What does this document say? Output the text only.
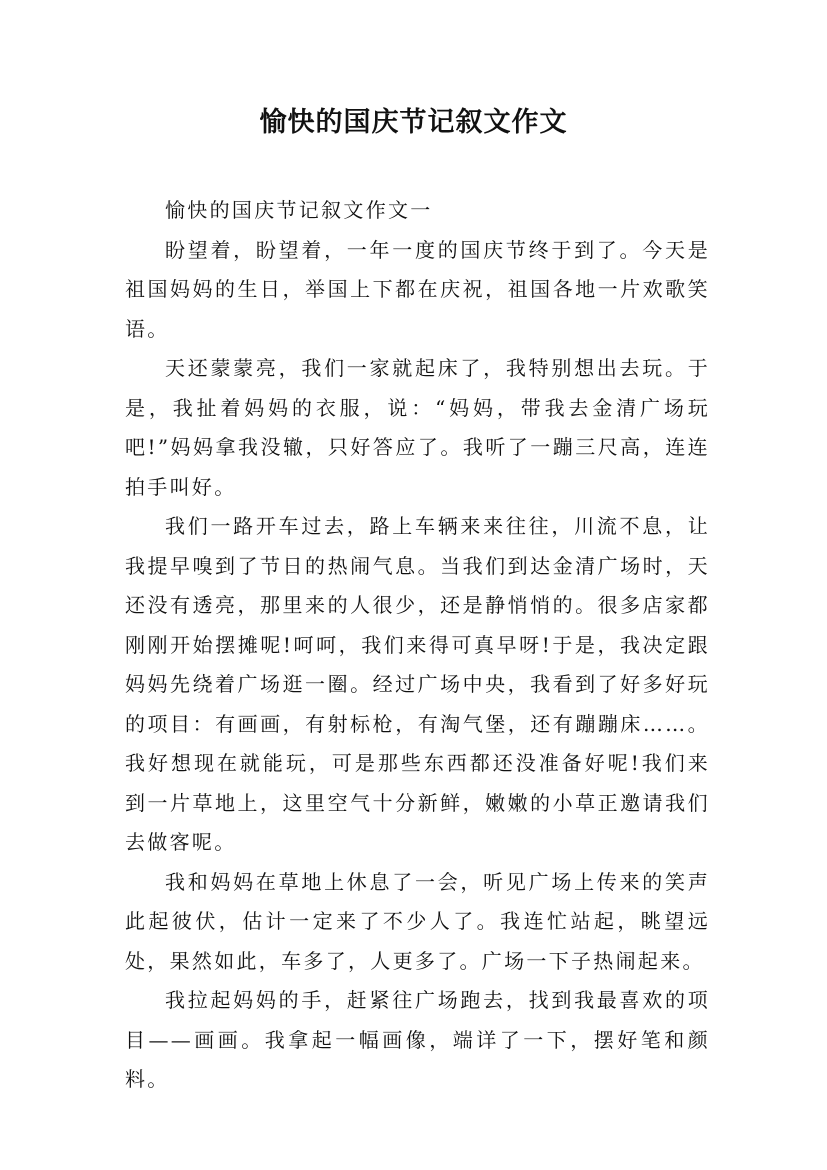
愉快的国庆节记叙文作文

愉快的国庆节记叙文作文一

盼望着，盼望着，一年一度的国庆节终于到了。今天是祖国妈妈的生日，举国上下都在庆祝，祖国各地一片欢歌笑语。

天还蒙蒙亮，我们一家就起床了，我特别想出去玩。于是，我扯着妈妈的衣服，说：“妈妈，带我去金清广场玩吧!”妈妈拿我没辙，只好答应了。我听了一蹦三尺高，连连拍手叫好。

我们一路开车过去，路上车辆来来往往，川流不息，让我提早嗅到了节日的热闹气息。当我们到达金清广场时，天还没有透亮，那里来的人很少，还是静悄悄的。很多店家都刚刚开始摆摊呢!呵呵，我们来得可真早呀!于是，我决定跟妈妈先绕着广场逛一圈。经过广场中央，我看到了好多好玩的项目：有画画，有射标枪，有淘气堡，还有蹦蹦床……。我好想现在就能玩，可是那些东西都还没准备好呢!我们来到一片草地上，这里空气十分新鲜，嫩嫩的小草正邀请我们去做客呢。

我和妈妈在草地上休息了一会，听见广场上传来的笑声此起彼伏，估计一定来了不少人了。我连忙站起，眺望远处，果然如此，车多了，人更多了。广场一下子热闹起来。

我拉起妈妈的手，赶紧往广场跑去，找到我最喜欢的项目——画画。我拿起一幅画像，端详了一下，摆好笔和颜料。
